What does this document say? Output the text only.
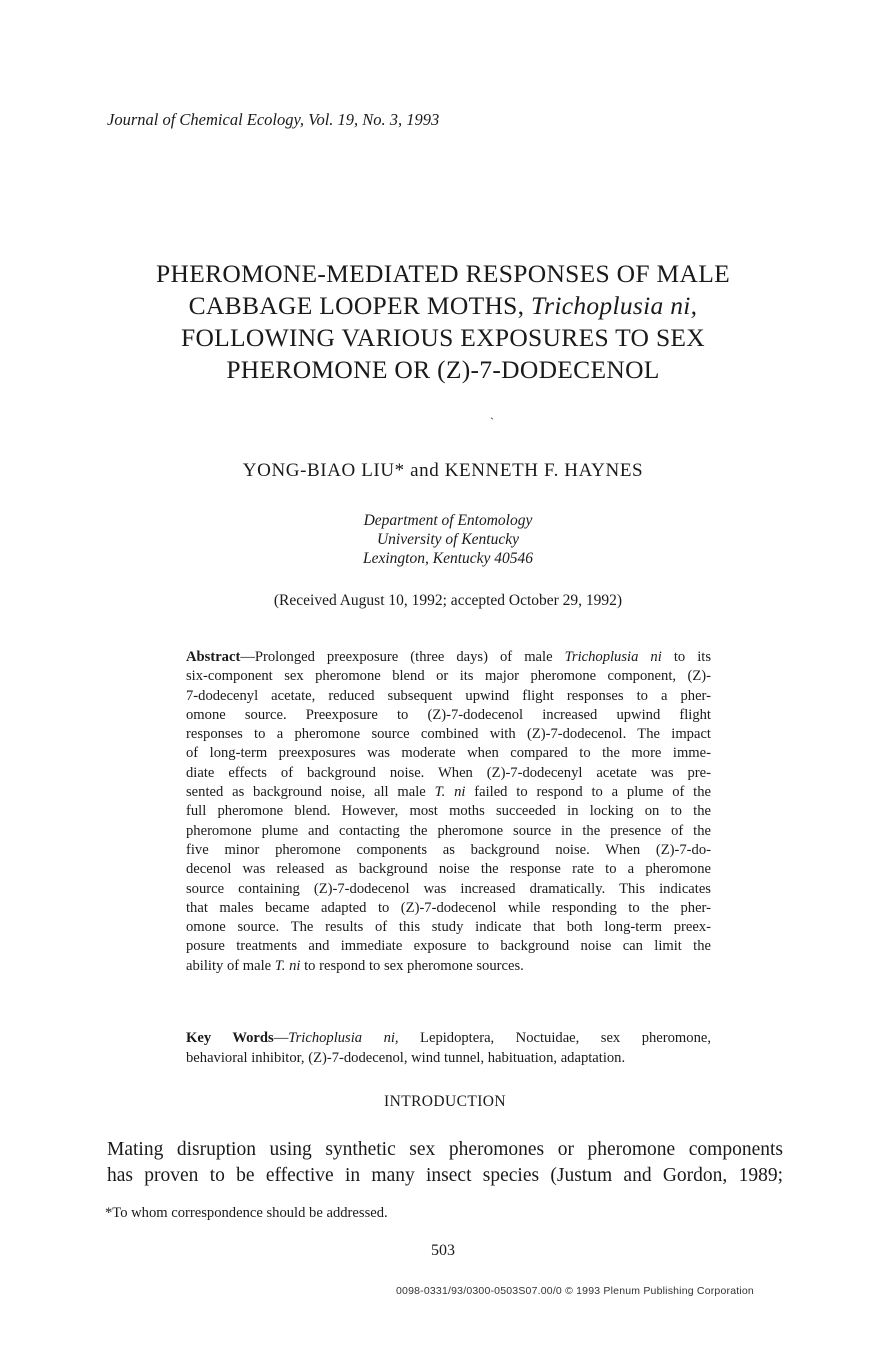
Journal of Chemical Ecology, Vol. 19, No. 3, 1993
PHEROMONE-MEDIATED RESPONSES OF MALE
CABBAGE LOOPER MOTHS, Trichoplusia ni,
FOLLOWING VARIOUS EXPOSURES TO SEX
PHEROMONE OR (Z)-7-DODECENOL
ˏ
YONG-BIAO LIU* and KENNETH F. HAYNES
Department of Entomology
University of Kentucky
Lexington, Kentucky 40546
(Received August 10, 1992; accepted October 29, 1992)
Abstract—Prolonged preexposure (three days) of male Trichoplusia ni to its
six-component sex pheromone blend or its major pheromone component, (Z)-
7-dodecenyl acetate, reduced subsequent upwind flight responses to a pher-
omone source. Preexposure to (Z)-7-dodecenol increased upwind flight
responses to a pheromone source combined with (Z)-7-dodecenol. The impact
of long-term preexposures was moderate when compared to the more imme-
diate effects of background noise. When (Z)-7-dodecenyl acetate was pre-
sented as background noise, all male T. ni failed to respond to a plume of the
full pheromone blend. However, most moths succeeded in locking on to the
pheromone plume and contacting the pheromone source in the presence of the
five minor pheromone components as background noise. When (Z)-7-do-
decenol was released as background noise the response rate to a pheromone
source containing (Z)-7-dodecenol was increased dramatically. This indicates
that males became adapted to (Z)-7-dodecenol while responding to the pher-
omone source. The results of this study indicate that both long-term preex-
posure treatments and immediate exposure to background noise can limit the
ability of male T. ni to respond to sex pheromone sources.
Key Words—Trichoplusia ni, Lepidoptera, Noctuidae, sex pheromone,
behavioral inhibitor, (Z)-7-dodecenol, wind tunnel, habituation, adaptation.
INTRODUCTION
Mating disruption using synthetic sex pheromones or pheromone components
has proven to be effective in many insect species (Justum and Gordon, 1989;
*To whom correspondence should be addressed.
503
0098-0331/93/0300-0503S07.00/0 © 1993 Plenum Publishing Corporation
